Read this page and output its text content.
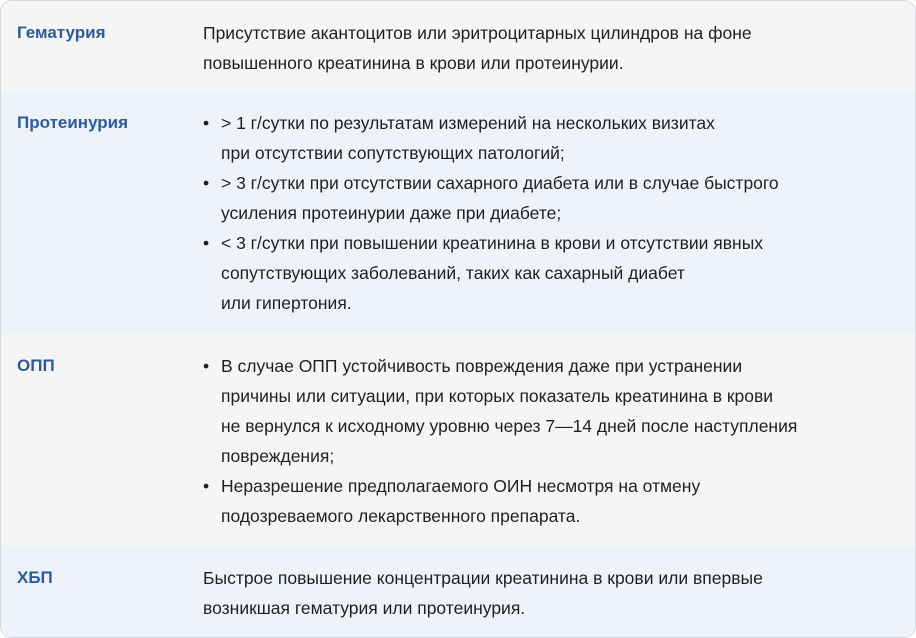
Гематурия	Присутствие акантоцитов или эритроцитарных цилиндров на фоне
повышенного креатинина в крови или протеинурии.

Протеинурия	• > 1 г/сутки по результатам измерений на нескольких визитах
при отсутствии сопутствующих патологий;
• > 3 г/сутки при отсутствии сахарного диабета или в случае быстрого
усиления протеинурии даже при диабете;
• < 3 г/сутки при повышении креатинина в крови и отсутствии явных
сопутствующих заболеваний, таких как сахарный диабет
или гипертония.
ОПП	• В случае ОПП устойчивость повреждения даже при устранении
причины или ситуации, при которых показатель креатинина в крови
не вернулся к исходному уровню через 7—14 дней после наступления
повреждения;
• Неразрешение предполагаемого ОИН несмотря на отмену
подозреваемого лекарственного препарата.
ХБП	Быстрое повышение концентрации креатинина в крови или впервые
возникшая гематурия или протеинурия.
